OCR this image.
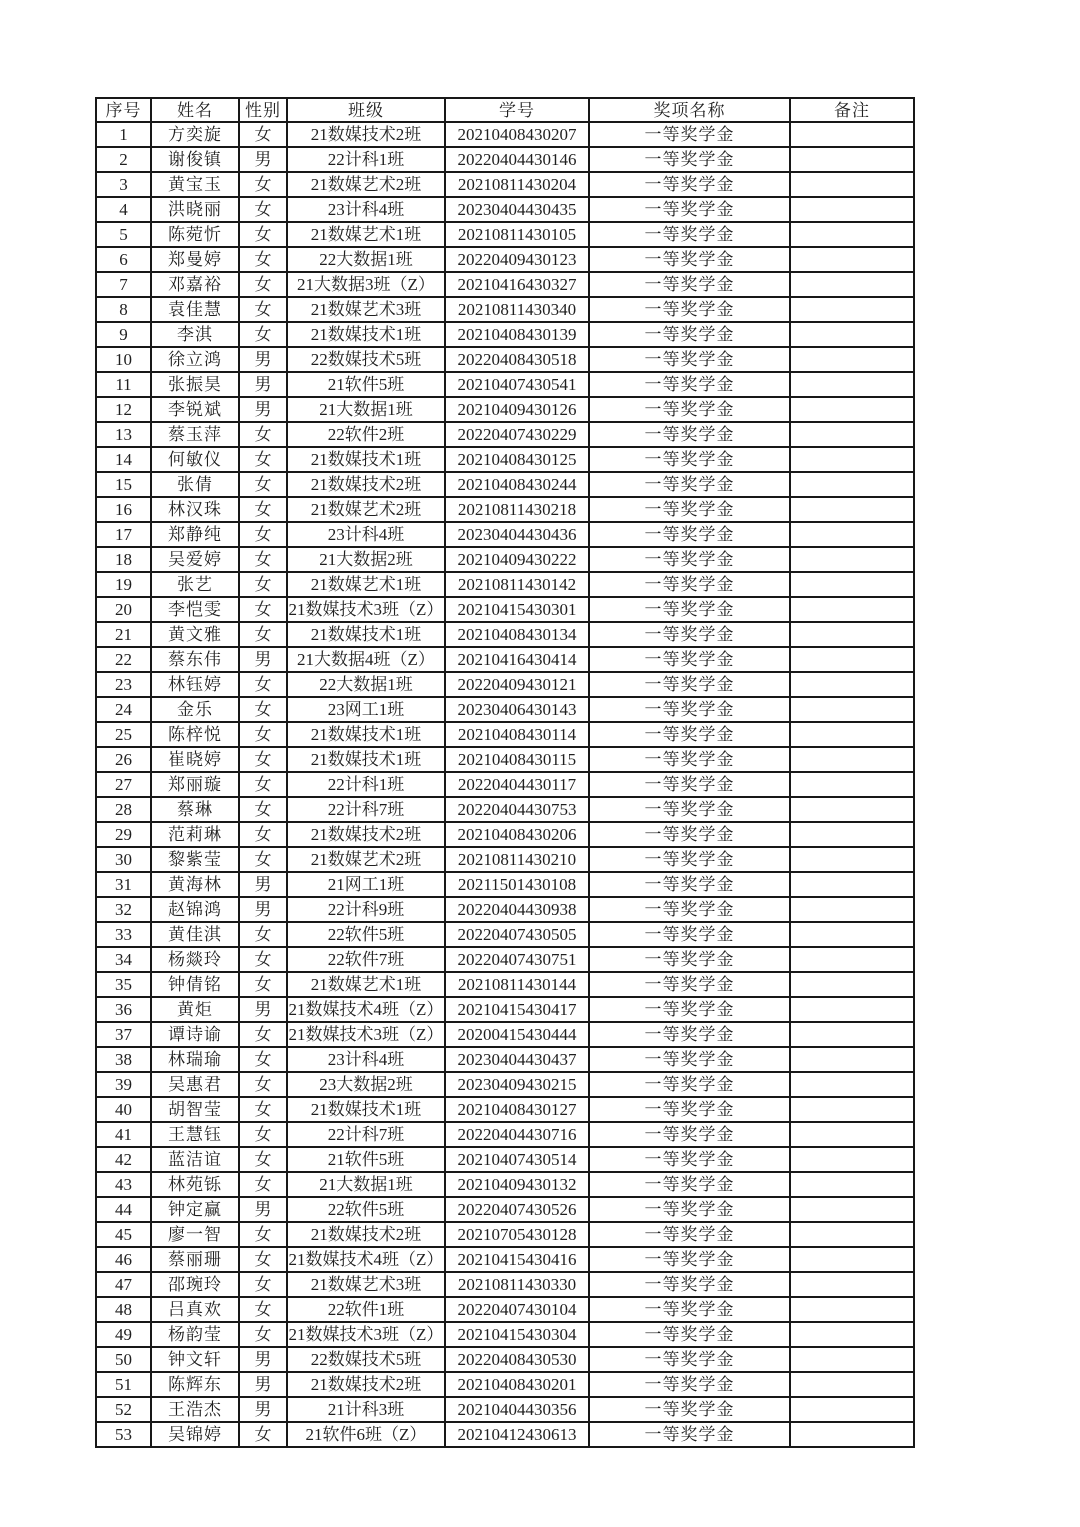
序号	姓名	性别	班级	学号	奖项名称	备注
1	方奕旋	女	21数媒技术2班	20210408430207	一等奖学金	
2	谢俊镇	男	22计科1班	20220404430146	一等奖学金	
3	黄宝玉	女	21数媒艺术2班	20210811430204	一等奖学金	
4	洪晓丽	女	23计科4班	20230404430435	一等奖学金	
5	陈菀忻	女	21数媒艺术1班	20210811430105	一等奖学金	
6	郑曼婷	女	22大数据1班	20220409430123	一等奖学金	
7	邓嘉裕	女	21大数据3班（Z）	20210416430327	一等奖学金	
8	袁佳慧	女	21数媒艺术3班	20210811430340	一等奖学金	
9	李淇	女	21数媒技术1班	20210408430139	一等奖学金	
10	徐立鸿	男	22数媒技术5班	20220408430518	一等奖学金	
11	张振昊	男	21软件5班	20210407430541	一等奖学金	
12	李锐斌	男	21大数据1班	20210409430126	一等奖学金	
13	蔡玉萍	女	22软件2班	20220407430229	一等奖学金	
14	何敏仪	女	21数媒技术1班	20210408430125	一等奖学金	
15	张倩	女	21数媒技术2班	20210408430244	一等奖学金	
16	林汉珠	女	21数媒艺术2班	20210811430218	一等奖学金	
17	郑静纯	女	23计科4班	20230404430436	一等奖学金	
18	吴爱婷	女	21大数据2班	20210409430222	一等奖学金	
19	张艺	女	21数媒艺术1班	20210811430142	一等奖学金	
20	李恺雯	女	21数媒技术3班（Z）	20210415430301	一等奖学金	
21	黄文雅	女	21数媒技术1班	20210408430134	一等奖学金	
22	蔡东伟	男	21大数据4班（Z）	20210416430414	一等奖学金	
23	林钰婷	女	22大数据1班	20220409430121	一等奖学金	
24	金乐	女	23网工1班	20230406430143	一等奖学金	
25	陈梓悦	女	21数媒技术1班	20210408430114	一等奖学金	
26	崔晓婷	女	21数媒技术1班	20210408430115	一等奖学金	
27	郑丽璇	女	22计科1班	20220404430117	一等奖学金	
28	蔡琳	女	22计科7班	20220404430753	一等奖学金	
29	范莉琳	女	21数媒技术2班	20210408430206	一等奖学金	
30	黎紫莹	女	21数媒艺术2班	20210811430210	一等奖学金	
31	黄海林	男	21网工1班	20211501430108	一等奖学金	
32	赵锦鸿	男	22计科9班	20220404430938	一等奖学金	
33	黄佳淇	女	22软件5班	20220407430505	一等奖学金	
34	杨燚玲	女	22软件7班	20220407430751	一等奖学金	
35	钟倩铭	女	21数媒艺术1班	20210811430144	一等奖学金	
36	黄炬	男	21数媒技术4班（Z）	20210415430417	一等奖学金	
37	谭诗谕	女	21数媒技术3班（Z）	20200415430444	一等奖学金	
38	林瑞瑜	女	23计科4班	20230404430437	一等奖学金	
39	吴惠君	女	23大数据2班	20230409430215	一等奖学金	
40	胡智莹	女	21数媒技术1班	20210408430127	一等奖学金	
41	王慧钰	女	22计科7班	20220404430716	一等奖学金	
42	蓝洁谊	女	21软件5班	20210407430514	一等奖学金	
43	林苑铄	女	21大数据1班	20210409430132	一等奖学金	
44	钟定赢	男	22软件5班	20220407430526	一等奖学金	
45	廖一智	女	21数媒技术2班	20210705430128	一等奖学金	
46	蔡丽珊	女	21数媒技术4班（Z）	20210415430416	一等奖学金	
47	邵琬玲	女	21数媒艺术3班	20210811430330	一等奖学金	
48	吕真欢	女	22软件1班	20220407430104	一等奖学金	
49	杨韵莹	女	21数媒技术3班（Z）	20210415430304	一等奖学金	
50	钟文轩	男	22数媒技术5班	20220408430530	一等奖学金	
51	陈辉东	男	21数媒技术2班	20210408430201	一等奖学金	
52	王浩杰	男	21计科3班	20210404430356	一等奖学金	
53	吴锦婷	女	21软件6班（Z）	20210412430613	一等奖学金	
